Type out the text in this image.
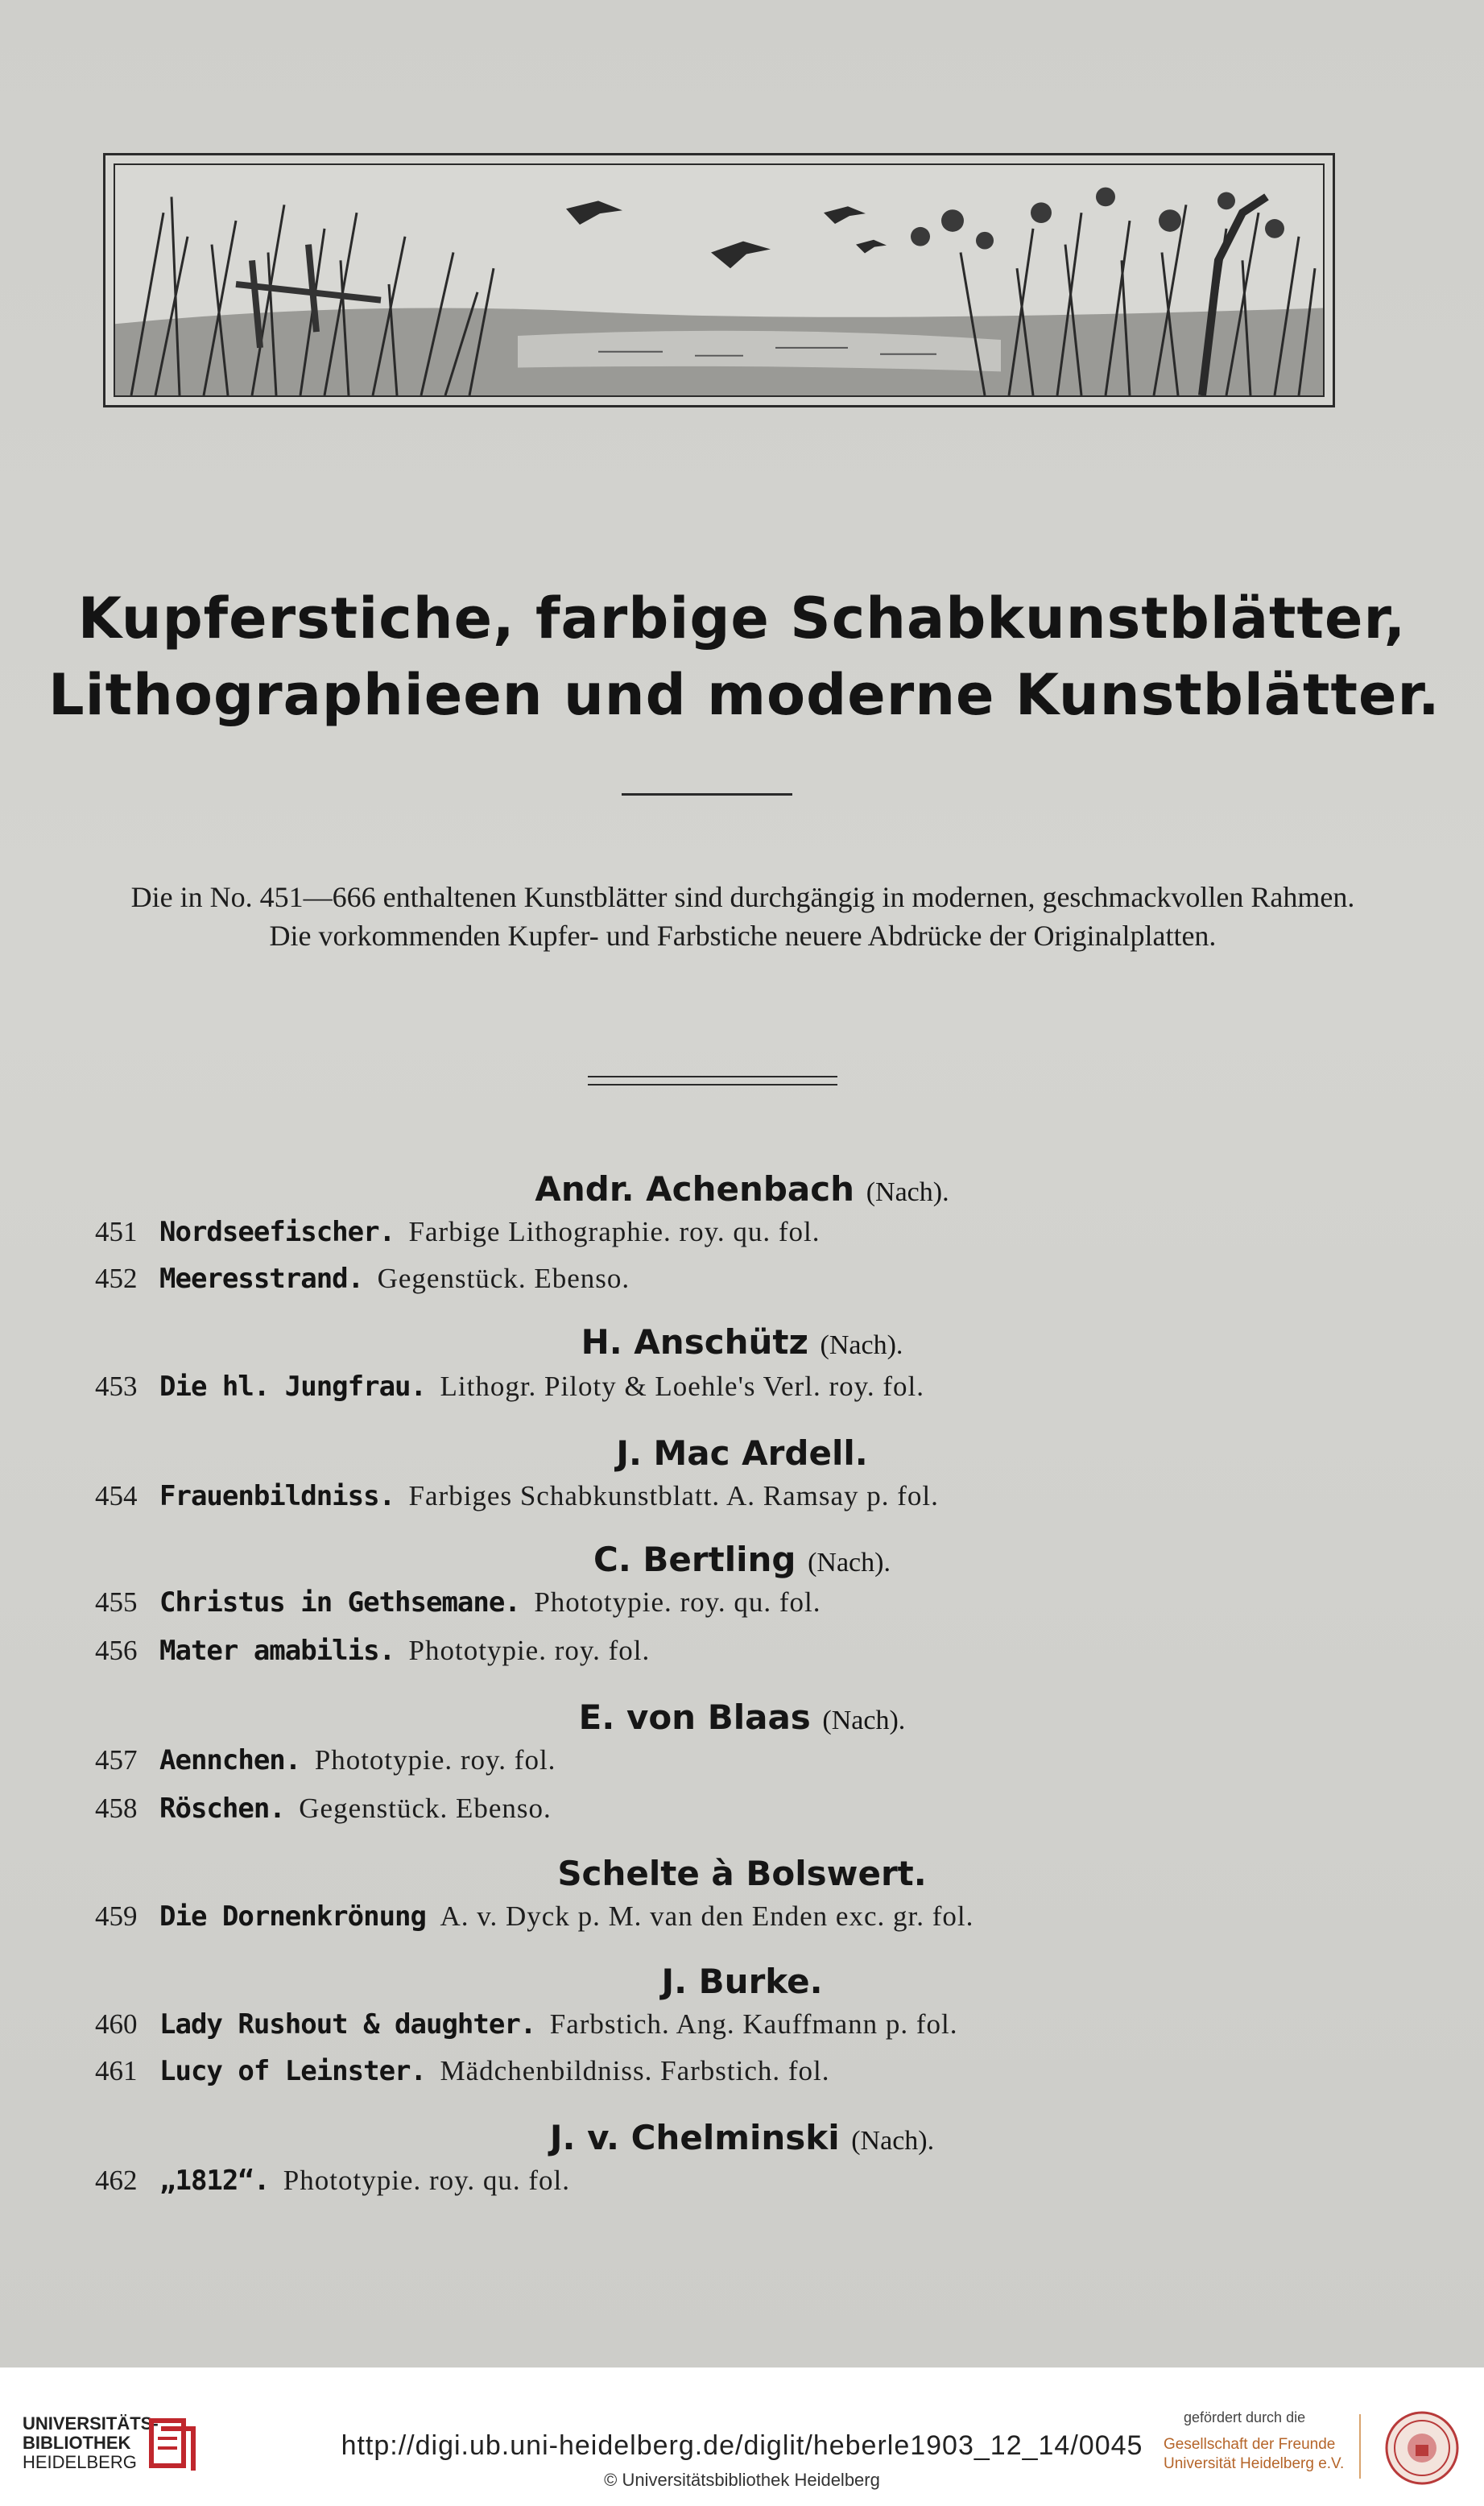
Kupferstiche, farbige Schabkunstblätter,
Lithographieen und moderne Kunstblätter.
Die in No. 451—666 enthaltenen Kunstblätter sind durchgängig in modernen, geschmackvollen Rahmen. Die vorkommenden Kupfer- und Farbstiche neuere Abdrücke der Originalplatten.
Andr. Achenbach (Nach).
451 Nordseefischer. Farbige Lithographie. roy. qu. fol.
452 Meeresstrand. Gegenstück. Ebenso.
H. Anschütz (Nach).
453 Die hl. Jungfrau. Lithogr. Piloty & Loehle's Verl. roy. fol.
J. Mac Ardell.
454 Frauenbildniss. Farbiges Schabkunstblatt. A. Ramsay p. fol.
C. Bertling (Nach).
455 Christus in Gethsemane. Phototypie. roy. qu. fol.
456 Mater amabilis. Phototypie. roy. fol.
E. von Blaas (Nach).
457 Aennchen. Phototypie. roy. fol.
458 Röschen. Gegenstück. Ebenso.
Schelte à Bolswert.
459 Die Dornenkrönung A. v. Dyck p. M. van den Enden exc. gr. fol.
J. Burke.
460 Lady Rushout & daughter. Farbstich. Ang. Kauffmann p. fol.
461 Lucy of Leinster. Mädchenbildniss. Farbstich. fol.
J. v. Chelminski (Nach).
462 „1812“. Phototypie. roy. qu. fol.
UNIVERSITÄTS-
BIBLIOTHEK
HEIDELBERG
http://digi.ub.uni-heidelberg.de/diglit/heberle1903_12_14/0045
© Universitätsbibliothek Heidelberg
gefördert durch die
Gesellschaft der Freunde
Universität Heidelberg e.V.
